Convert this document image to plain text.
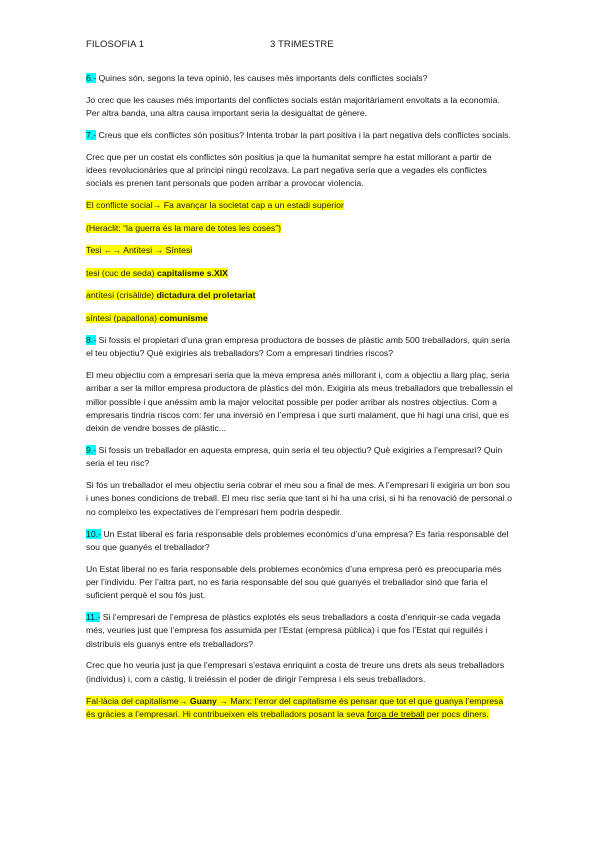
FILOSOFIA 1	3 TRIMESTRE

6.- Quines són, segons la teva opinió, les causes més importants dels conflictes socials?

Jo crec que les causes més importants del conflictes socials están majoritàriament envoltats a la economia. Per altra banda, una altra causa important seria la desigualtat de gènere.

7.- Creus que els conflictes són positius? Intenta trobar la part positiva i la part negativa dels conflictes socials.

Crec que per un costat els conflictes són positius ja que la humanitat sempre ha estat millorant a partir de idees revolucionàries que al principi ningú recolzava. La part negativa seria que a vegades els conflictes socials es prenen tant personals que poden arribar a provocar violencia.

El conflicte social→ Fa avançar la societat cap a un estadi superior

(Heraclit: “la guerra és la mare de totes les coses”)

Tesi ←→ Antítesi → Síntesi

tesi (cuc de seda) capitalisme s.XIX

antítesi (crisàlide) dictadura del proletariat

síntesi (papallona) comunisme

8.- Si fossis el propietari d’una gran empresa productora de bosses de plàstic amb 500 treballadors, quin seria el teu objectiu? Què exigiries als treballadors? Com a empresari tindries riscos?

El meu objectiu com a empresari seria que la meva empresa anés millorant i, com a objectiu a llarg plaç, seria arribar a ser la millor empresa productora de plàstics del món. Exigiria als meus treballadors que treballessin el millor possible i que anéssim amb la major velocitat possible per poder arribar als nostres objectius. Com a empresaris tindria riscos com: fer una inversió en l’empresa i que surti malament, que hi hagi una crisi, que es deixin de vendre bosses de plàstic...

9.- Si fossis un treballador en aquesta empresa, quin seria el teu objectiu? Què exigiries a l’empresari? Quin seria el teu risc?

Si fós un treballador el meu objectiu seria cobrar el meu sou a final de mes. A l’empresari li exigiria un bon sou i unes bones condicions de treball. El meu risc seria que tant si hi ha una crisi, si hi ha renovació de personal o no compleixo les expectatives de l’empresari hem podria despedir.

10.- Un Estat liberal es faria responsable dels problemes econòmics d’una empresa? Es faria responsable del sou que guanyés el treballador?

Un Estat liberal no es faria responsable dels problemes econòmics d’una empresa però es preocuparia més per l’individu. Per l’altra part, no es faria responsable del sou que guanyés el treballador sinó que faria el suficient perquè el sou fós just.

11.- Si l’empresari de l’empresa de plàstics explotés els seus treballadors a costa d’enriquir-se cada vegada més, veuries just que l’empresa fos assumida per l’Estat (empresa pública) i que fos l’Estat qui reguilés i distribuís els guanys entre els treballadors?

Crec que ho veuria just ja que l’empresari s’estava enriquint a costa de treure uns drets als seus treballadors (individus) i, com a càstig, li treiéssin el poder de dirigir l’empresa i els seus treballadors.

Fal·làcia del capitalisme→ Guany → Marx: l’error del capitalisme és pensar que tot el que guanya l’empresa és gràcies a l’empresari. Hi contribueixen els treballadors posant la seva força de treball per pocs diners.
